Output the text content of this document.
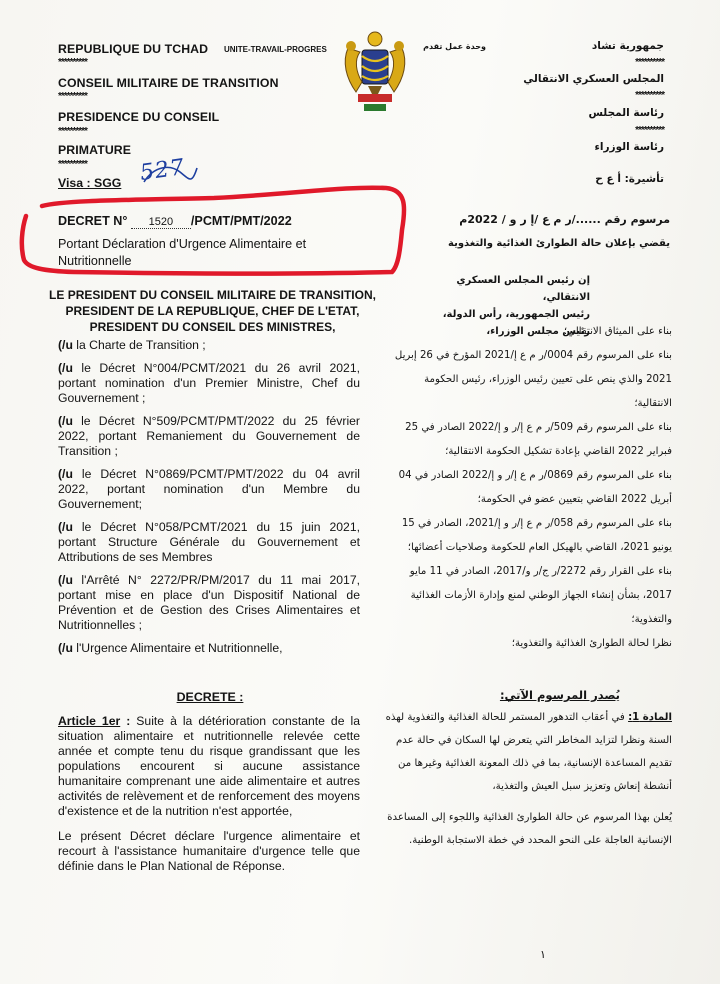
REPUBLIQUE DU TCHAD
**********
CONSEIL MILITAIRE DE TRANSITION
**********
PRESIDENCE DU CONSEIL
**********
PRIMATURE
**********
Visa : SGG 527
UNITE-TRAVAIL-PROGRES	وحدة عمل تقدم	جمهورية تشاد
**********
المجلس العسكري الانتقالي
**********
رئاسة المجلس
**********
رئاسة الوزراء
تأشيرة: أ ع ح
DECRET N° 1520 /PCMT/PMT/2022
Portant Déclaration d'Urgence Alimentaire et Nutritionnelle
مرسوم رقم ....../ر م ع /إ ر و / 2022م
يقضي بإعلان حالة الطوارئ الغذائية والتغذوية
LE PRESIDENT DU CONSEIL MILITAIRE DE TRANSITION,
PRESIDENT DE LA REPUBLIQUE, CHEF DE L'ETAT,
PRESIDENT DU CONSEIL DES MINISTRES,
إن رئيس المجلس العسكري الانتقالي،
رئيس الجمهورية، رأس الدولة،
رئيس مجلس الوزراء،

(/u la Charte de Transition ;

(/u le Décret N°004/PCMT/2021 du 26 avril 2021, portant nomination d'un Premier Ministre, Chef du Gouvernement ;

(/u le Décret N°509/PCMT/PMT/2022 du 25 février 2022, portant Remaniement du Gouvernement de Transition ;

(/u le Décret N°0869/PCMT/PMT/2022 du 04 avril 2022, portant nomination d'un Membre du Gouvernement;

(/u le Décret N°058/PCMT/2021 du 15 juin 2021, portant Structure Générale du Gouvernement et Attributions de ses Membres

(/u l'Arrêté N° 2272/PR/PM/2017 du 11 mai 2017, portant mise en place d'un Dispositif National de Prévention et de Gestion des Crises Alimentaires et Nutritionnelles ;

(/u l'Urgence Alimentaire et Nutritionnelle,

بناء على الميثاق الانتقالي؛
بناء على المرسوم رقم 0004/ر م ع إ/2021 المؤرخ في 26 إبريل 2021 والذي ينص على تعيين رئيس الوزراء، رئيس الحكومة الانتقالية؛
بناء على المرسوم رقم 509/ر م ع إ/ر و إ/2022 الصادر في 25 فبراير 2022 القاضي بإعادة تشكيل الحكومة الانتقالية؛
بناء على المرسوم رقم 0869/ر م ع إ/ر و إ/2022 الصادر في 04 أبريل 2022 القاضي بتعيين عضو في الحكومة؛
بناء على المرسوم رقم 058/ر م ع إ/ر و إ/2021، الصادر في 15 يونيو 2021، القاضي بالهيكل العام للحكومة وصلاحيات أعضائها؛
بناء على القرار رقم 2272/ر ج/ر و/2017، الصادر في 11 مايو 2017، بشأن إنشاء الجهاز الوطني لمنع وإدارة الأزمات الغذائية والتغذوية؛
نظرا لحالة الطوارئ الغذائية والتغذوية؛
DECRETE :	يُصدر المرسوم الآتي:

Article 1er : Suite à la détérioration constante de la situation alimentaire et nutritionnelle relevée cette année et compte tenu du risque grandissant que les populations encourent si aucune assistance humanitaire comprenant une aide alimentaire et autres activités de relèvement et de renforcement des moyens d'existence et de la nutrition n'est apportée,

Le présent Décret déclare l'urgence alimentaire et recourt à l'assistance humanitaire d'urgence telle que définie dans le Plan National de Réponse.

المادة 1: في أعقاب التدهور المستمر للحالة الغذائية والتغذوية لهذه السنة ونظرا لتزايد المخاطر التي يتعرض لها السكان في حالة عدم تقديم المساعدة الإنسانية، بما في ذلك المعونة الغذائية وغيرها من أنشطة إنعاش وتعزيز سبل العيش والتغذية،
يُعلن بهذا المرسوم عن حالة الطوارئ الغذائية واللجوء إلى المساعدة الإنسانية العاجلة على النحو المحدد في خطة الاستجابة الوطنية.
١
